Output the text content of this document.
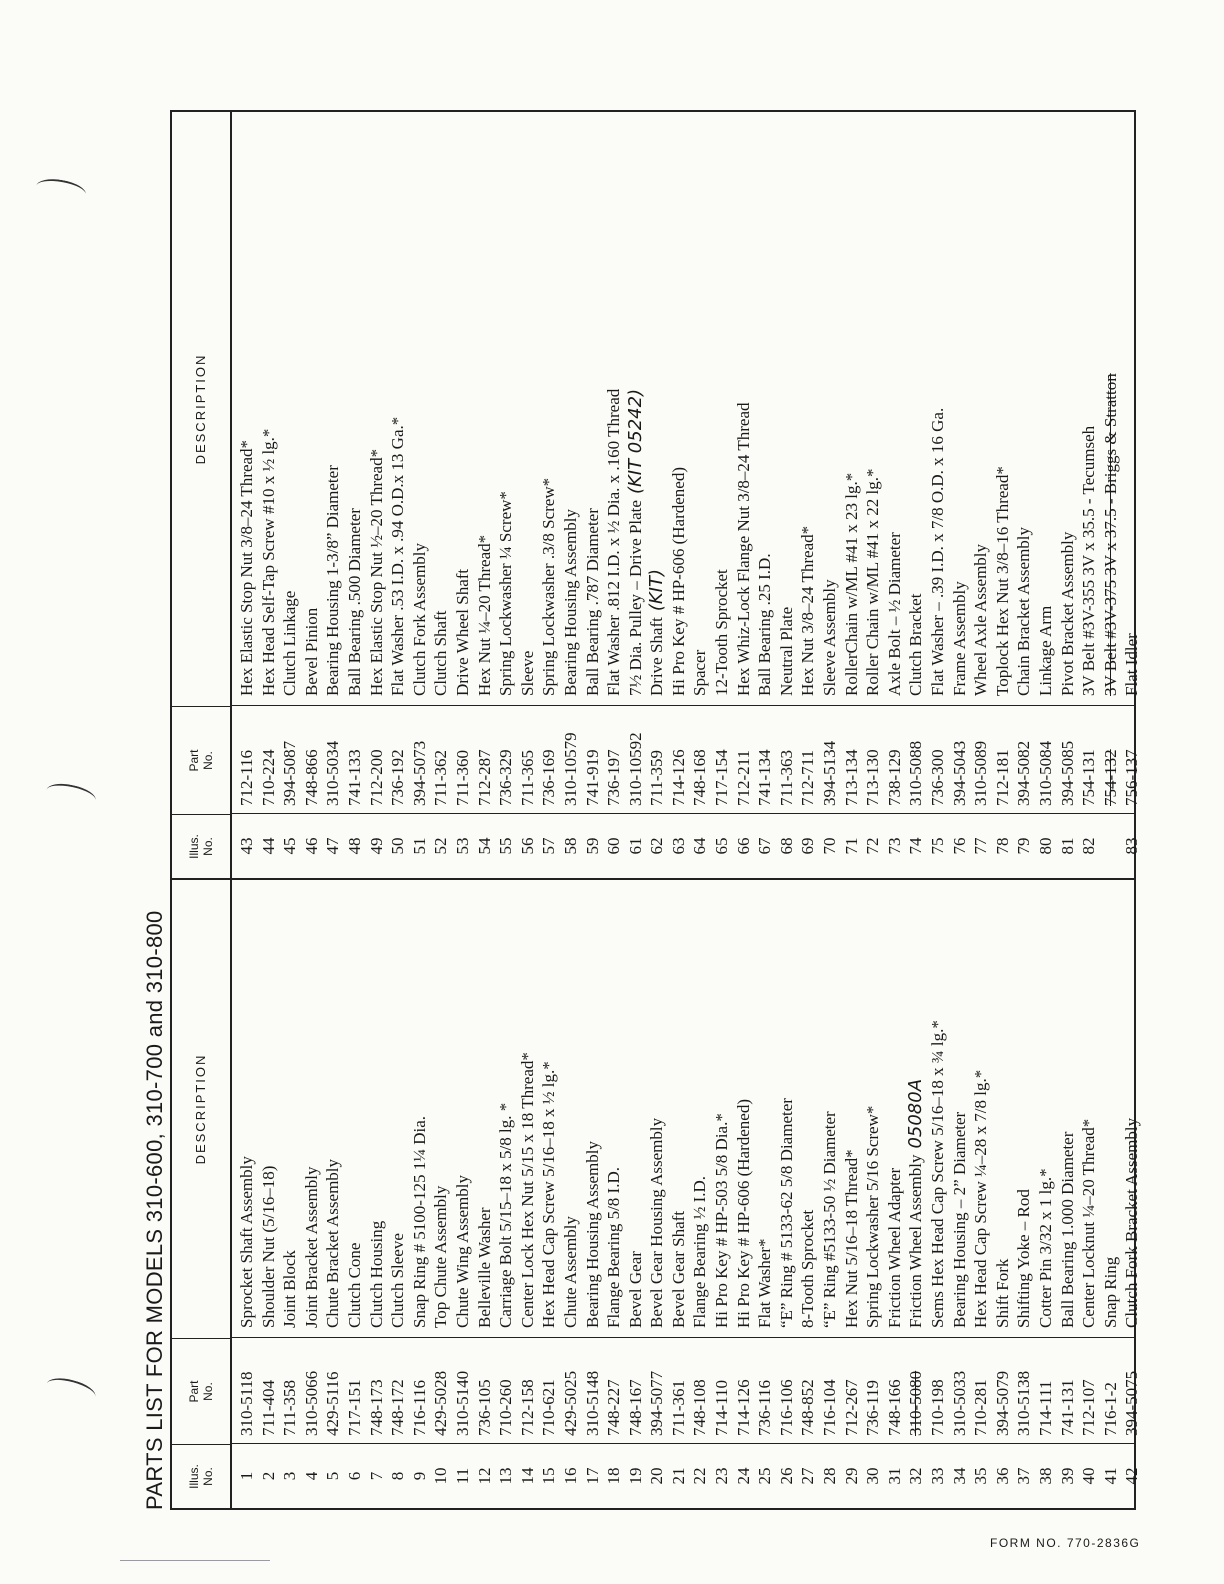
PARTS LIST FOR MODELS 310-600, 310-700 and 310-800	Illus.
No.
Part
No.
DESCRIPTION
1
310-5118
Sprocket Shaft Assembly
2
711-404
Shoulder Nut (5/16–18)
3
711-358
Joint Block
4
310-5066
Joint Bracket Assembly
5
429-5116
Chute Bracket Assembly
6
717-151
Clutch Cone
7
748-173
Clutch Housing
8
748-172
Clutch Sleeve
9
716-116
Snap Ring # 5100-125 1¼ Dia.
10
429-5028
Top Chute Assembly
11
310-5140
Chute Wing Assembly
12
736-105
Belleville Washer
13
710-260
Carriage Bolt 5/15–18 x 5/8 lg. *
14
712-158
Center Lock Hex Nut 5/15 x 18 Thread*
15
710-621
Hex Head Cap Screw 5/16–18 x ½ lg.*
16
429-5025
Chute Assembly
17
310-5148
Bearing Housing Assembly
18
748-227
Flange Bearing 5/8 I.D.
19
748-167
Bevel Gear
20
394-5077
Bevel Gear Housing Assembly
21
711-361
Bevel Gear Shaft
22
748-108
Flange Bearing ½ I.D.
23
714-110
Hi Pro Key # HP-503 5/8 Dia.*
24
714-126
Hi Pro Key # HP-606 (Hardened)
25
736-116
Flat Washer*
26
716-106
“E” Ring # 5133-62 5/8 Diameter
27
748-852
8-Tooth Sprocket
28
716-104
“E” Ring #5133-50 ½ Diameter
29
712-267
Hex Nut 5/16–18 Thread*
30
736-119
Spring Lockwasher 5/16 Screw*
31
748-166
Friction Wheel Adapter
32
310-5080
Friction Wheel Assembly05080A
33
710-198
Sems Hex Head Cap Screw 5/16–18 x ¾ lg.*
34
310-5033
Bearing Housing – 2” Diameter
35
710-281
Hex Head Cap Screw ¼–28 x 7/8 lg.*
36
394-5079
Shift Fork
37
310-5138
Shifting Yoke – Rod
38
714-111
Cotter Pin 3/32 x 1 lg.*
39
741-131
Ball Bearing 1.000 Diameter
40
712-107
Center Locknut ¼–20 Thread*
41
716-1-2
Snap Ring
42
394-5075
Clutch Fork Bracket Assembly
Illus.
No.
Part
No.
DESCRIPTION
43
712-116
Hex Elastic Stop Nut 3/8–24 Thread*
44
710-224
Hex Head Self-Tap Screw #10 x ½ lg.*
45
394-5087
Clutch Linkage
46
748-866
Bevel Pinion
47
310-5034
Bearing Housing 1-3/8” Diameter
48
741-133
Ball Bearing .500 Diameter
49
712-200
Hex Elastic Stop Nut ½–20 Thread*
50
736-192
Flat Washer .53 I.D. x .94 O.D.x 13 Ga.*
51
394-5073
Clutch Fork Assembly
52
711-362
Clutch Shaft
53
711-360
Drive Wheel Shaft
54
712-287
Hex Nut ¼–20 Thread*
55
736-329
Spring Lockwasher ¼ Screw*
56
711-365
Sleeve
57
736-169
Spring Lockwasher .3/8 Screw*
58
310-10579
Bearing Housing Assembly
59
741-919
Ball Bearing .787 Diameter
60
736-197
Flat Washer .812 I.D. x ½ Dia. x .160 Thread
61
310-10592
7½ Dia. Pulley – Drive Plate(KIT 05242)
62
711-359
Drive Shaft(KIT)
63
714-126
Hi Pro Key # HP-606 (Hardened)
64
748-168
Spacer
65
717-154
12-Tooth Sprocket
66
712-211
Hex Whiz-Lock Flange Nut 3/8–24 Thread
67
741-134
Ball Bearing .25 I.D.
68
711-363
Neutral Plate
69
712-711
Hex Nut 3/8–24 Thread*
70
394-5134
Sleeve Assembly
71
713-134
RollerChain w/ML #41 x 23 lg.*
72
713-130
Roller Chain w/ML #41 x 22 lg.*
73
738-129
Axle Bolt – ½ Diameter
74
310-5088
Clutch Bracket
75
736-300
Flat Washer – .39 I.D. x 7/8 O.D. x 16 Ga.
76
394-5043
Frame Assembly
77
310-5089
Wheel Axle Assembly
78
712-181
Toplock Hex Nut 3/8–16 Thread*
79
394-5082
Chain Bracket Assembly
80
310-5084
Linkage Arm
81
394-5085
Pivot Bracket Assembly
82
754-131
3V Belt #3V-355 3V x 35.5 - Tecumseh
754-132
3V Belt #3V-375 3V x 37.5 - Briggs & Stratton
83
756-137
Flat Idler
FORM NO. 770-2836G
